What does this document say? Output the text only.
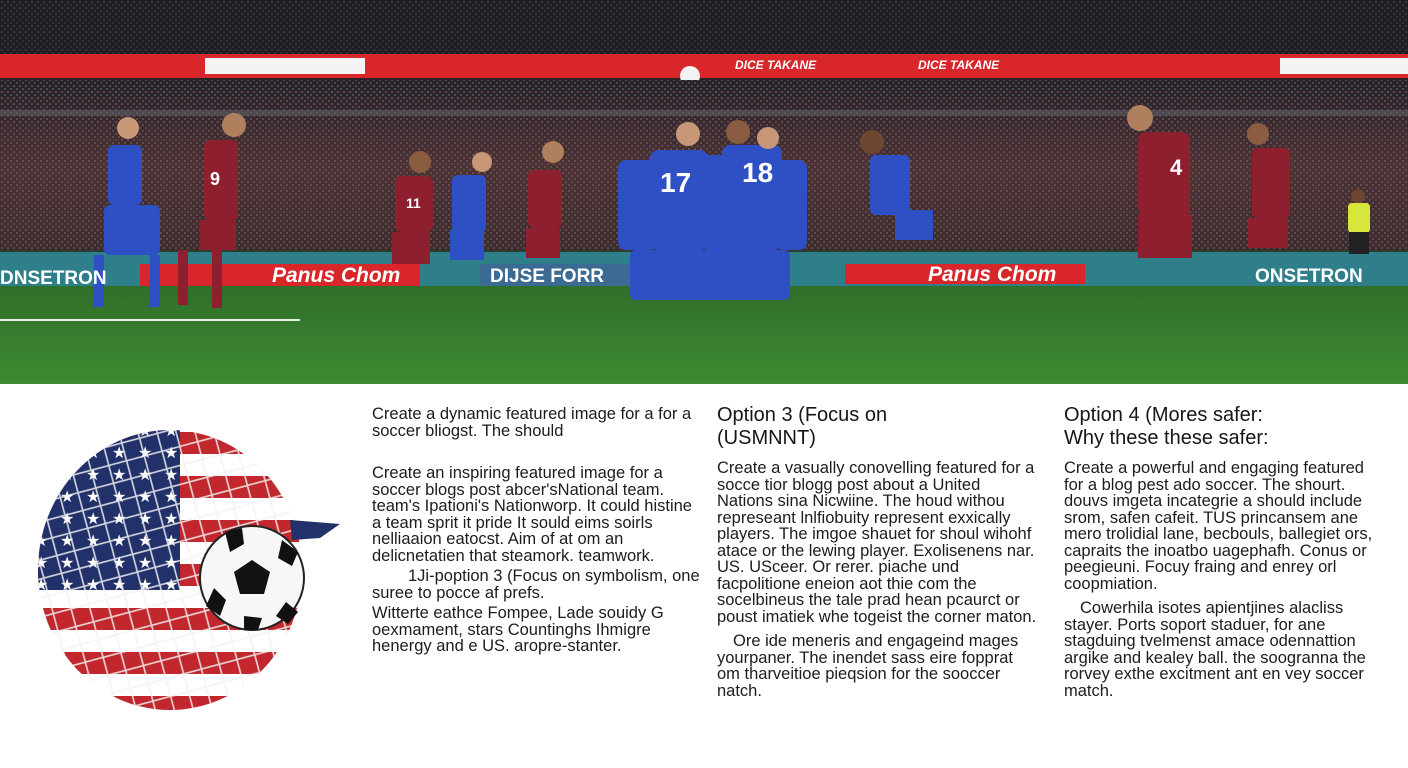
11
17 18	4
9
DICE TAKANE	DICE TAKANE
DNSETRON	Panus Chom	DIJSE FORR	Panus Chom	ONSETRON

Create a dynamic featured image for a for a soccer bliogst. The should

Create an inspiring featured image for a soccer blogs post abcer'sNational team. team's Ipationi's Nationworp. It could histine a team sprit it pride It sould eims soirls nelliaaion eatocst. Aim of at om an delicnetatien that steamork. teamwork.

1Ji-poption 3 (Focus on symbolism, one suree to pocce af prefs.

Witterte eathce Fompee, Lade souidy G oexmament, stars Countinghs Ihmigre henergy and e US. aropre-stanter.

Option 3 (Focus on (USMNNT)

Create a vasually conovelling featured for a socce tior blogg post about a United Nations sina Nicwiine. The houd withou represeant lnlfiobuity represent exxically players. The imgoe shauet for shoul wihohf atace or the lewing player. Exolisenens nar. US. USceer. Or rerer. piache und facpolitione eneion aot thie com the socelbineus the tale prad hean pcaurct or poust imatiek whe togeist the corner maton.

Ore ide meneris and engageind mages yourpaner. The inendet sass eire fopprat om tharveitioe pieqsion for the sooccer natch.

Option 4 (Mores safer: Why these these safer:

Create a powerful and engaging featured for a blog pest ado soccer. The shourt. douvs imgeta incategrie a should include srom, safen cafeit. TUS princansem ane mero trolidial lane, becbouls, ballegiet ors, capraits the inoatbo uagephafh. Conus or peegieuni. Focuy fraing and enrey orl coopmiation.

Cowerhila isotes apientjines alacliss stayer. Ports soport staduer, for ane stagduing tvelmenst amace odennattion argike and kealey ball. the soogranna the rorvey exthe excitment ant en vey soccer match.
